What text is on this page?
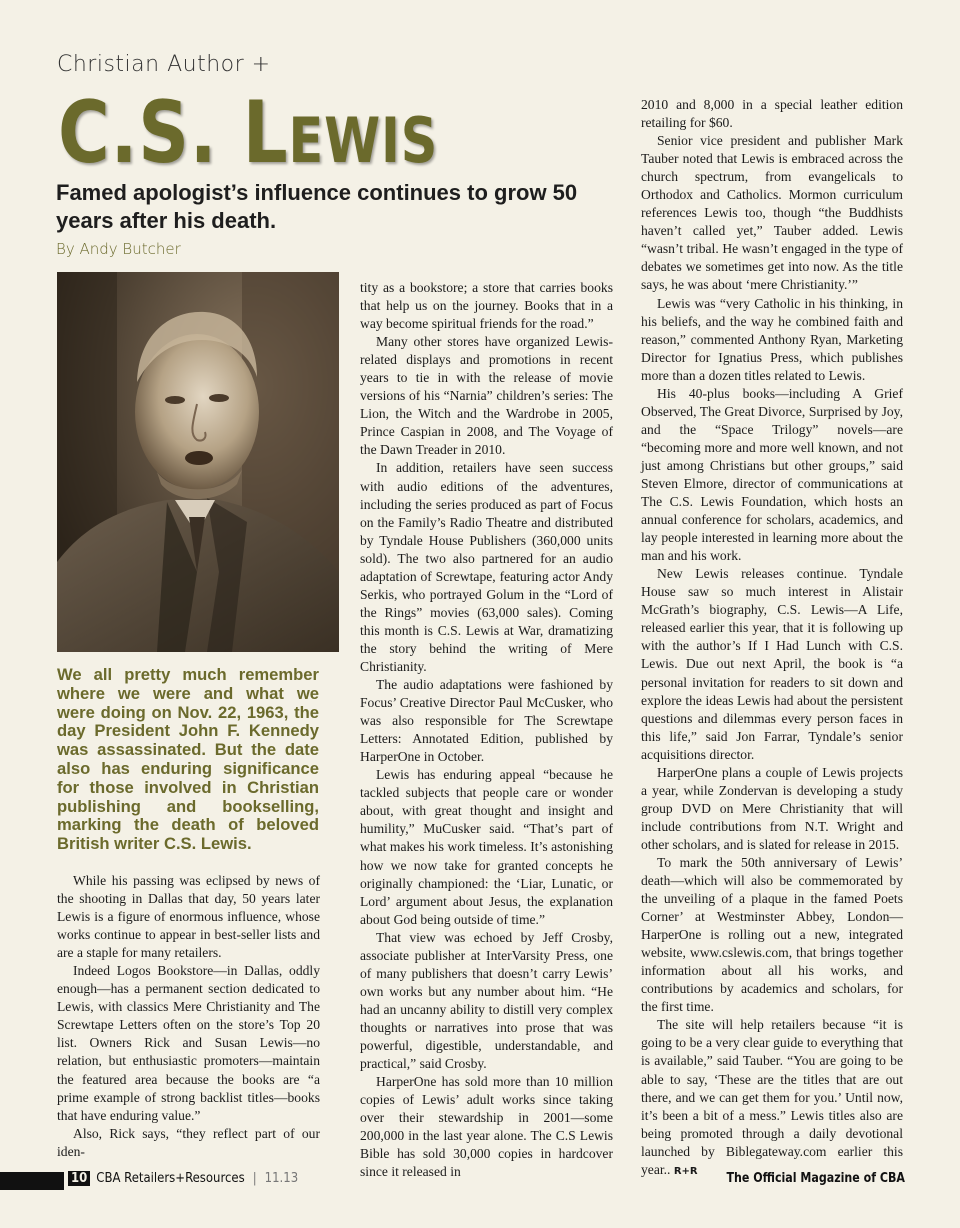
Christian Author +
C.S. LEWIS
Famed apologist’s influence continues to grow 50 years after his death.
By Andy Butcher
We all pretty much remember where we were and what we were doing on Nov. 22, 1963, the day President John F. Kennedy was assassinated. But the date also has enduring significance for those involved in Christian publishing and bookselling, marking the death of beloved British writer C.S. Lewis.

While his passing was eclipsed by news of the shooting in Dallas that day, 50 years later Lewis is a figure of enormous influence, whose works continue to appear in best-seller lists and are a staple for many retailers.

Indeed Logos Bookstore—in Dallas, oddly enough—has a permanent section dedicated to Lewis, with classics Mere Christianity and The Screwtape Letters often on the store’s Top 20 list. Owners Rick and Susan Lewis—no relation, but enthusiastic promoters—maintain the featured area because the books are “a prime example of strong backlist titles—books that have enduring value.”

Also, Rick says, “they reflect part of our iden-

tity as a bookstore; a store that carries books that help us on the journey. Books that in a way become spiritual friends for the road.”

Many other stores have organized Lewis-related displays and promotions in recent years to tie in with the release of movie versions of his “Narnia” children’s series: The Lion, the Witch and the Wardrobe in 2005, Prince Caspian in 2008, and The Voyage of the Dawn Treader in 2010.

In addition, retailers have seen success with audio editions of the adventures, including the series produced as part of Focus on the Family’s Radio Theatre and distributed by Tyndale House Publishers (360,000 units sold). The two also partnered for an audio adaptation of Screwtape, featuring actor Andy Serkis, who portrayed Golum in the “Lord of the Rings” movies (63,000 sales). Coming this month is C.S. Lewis at War, dramatizing the story behind the writing of Mere Christianity.

The audio adaptations were fashioned by Focus’ Creative Director Paul McCusker, who was also responsible for The Screwtape Letters: Annotated Edition, published by HarperOne in October.

Lewis has enduring appeal “because he tackled subjects that people care or wonder about, with great thought and insight and humility,” MuCusker said. “That’s part of what makes his work timeless. It’s astonishing how we now take for granted concepts he originally championed: the ‘Liar, Lunatic, or Lord’ argument about Jesus, the explanation about God being outside of time.”

That view was echoed by Jeff Crosby, associate publisher at InterVarsity Press, one of many publishers that doesn’t carry Lewis’ own works but any number about him. “He had an uncanny ability to distill very complex thoughts or narratives into prose that was powerful, digestible, understandable, and practical,” said Crosby.

HarperOne has sold more than 10 million copies of Lewis’ adult works since taking over their stewardship in 2001—some 200,000 in the last year alone. The C.S Lewis Bible has sold 30,000 copies in hardcover since it released in

2010 and 8,000 in a special leather edition retailing for $60.

Senior vice president and publisher Mark Tauber noted that Lewis is embraced across the church spectrum, from evangelicals to Orthodox and Catholics. Mormon curriculum references Lewis too, though “the Buddhists haven’t called yet,” Tauber added. Lewis “wasn’t tribal. He wasn’t engaged in the type of debates we sometimes get into now. As the title says, he was about ‘mere Christianity.’”

Lewis was “very Catholic in his thinking, in his beliefs, and the way he combined faith and reason,” commented Anthony Ryan, Marketing Director for Ignatius Press, which publishes more than a dozen titles related to Lewis.

His 40-plus books—including A Grief Observed, The Great Divorce, Surprised by Joy, and the “Space Trilogy” novels—are “becoming more and more well known, and not just among Christians but other groups,” said Steven Elmore, director of communications at The C.S. Lewis Foundation, which hosts an annual conference for scholars, academics, and lay people interested in learning more about the man and his work.

New Lewis releases continue. Tyndale House saw so much interest in Alistair McGrath’s biography, C.S. Lewis—A Life, released earlier this year, that it is following up with the author’s If I Had Lunch with C.S. Lewis. Due out next April, the book is “a personal invitation for readers to sit down and explore the ideas Lewis had about the persistent questions and dilemmas every person faces in this life,” said Jon Farrar, Tyndale’s senior acquisitions director.

HarperOne plans a couple of Lewis projects a year, while Zondervan is developing a study group DVD on Mere Christianity that will include contributions from N.T. Wright and other scholars, and is slated for release in 2015.

To mark the 50th anniversary of Lewis’ death—which will also be commemorated by the unveiling of a plaque in the famed Poets Corner’ at Westminster Abbey, London—HarperOne is rolling out a new, integrated website, www.cslewis.com, that brings together information about all his works, and contributions by academics and scholars, for the first time.

The site will help retailers because “it is going to be a very clear guide to everything that is available,” said Tauber. “You are going to be able to say, ‘These are the titles that are out there, and we can get them for you.’ Until now, it’s been a bit of a mess.” Lewis titles also are being promoted through a daily devotional launched by Biblegateway.com earlier this year.. R+R

10 CBA Retailers+Resources | 11.13	The Official Magazine of CBA
